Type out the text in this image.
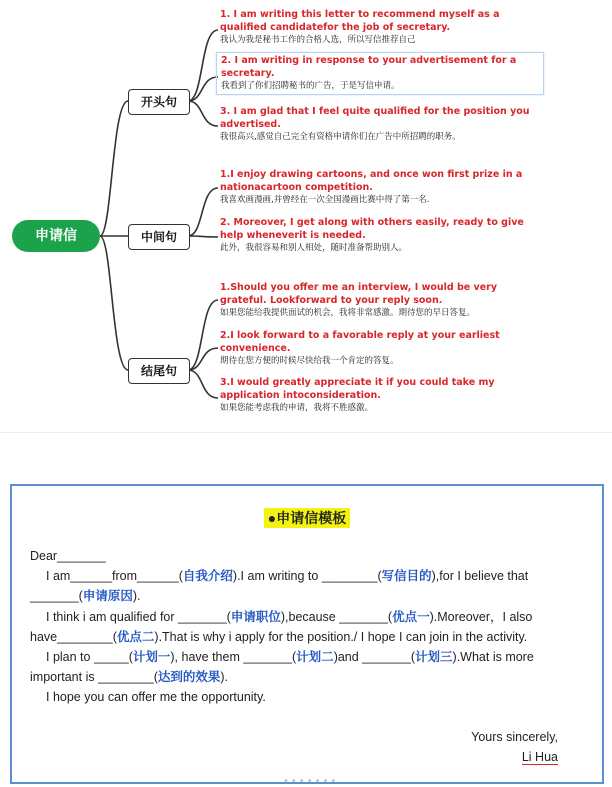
申请信
开头句
中间句
结尾句
1. I am writing this letter to recommend myself as a qualified candidatefor the job of secretary.
我认为我是秘书工作的合格人选，所以写信推荐自己
2. I am writing in response to your advertisement for a secretary.
我看到了你们招聘秘书的广告，于是写信申请。
3. I am glad that I feel quite qualified for the position you advertised.
我很高兴,感觉自己完全有资格申请你们在广告中所招聘的职务。
1.I enjoy drawing cartoons, and once won first prize in a nationacartoon competition.
我喜欢画漫画,并曾经在一次全国漫画比赛中得了第一名.
2. Moreover, I get along with others easily, ready to give help wheneverit is needed.
此外，我很容易和别人相处，随时准备帮助别人。
1.Should you offer me an interview, I would be very grateful. Lookforward to your reply soon.
如果您能给我提供面试的机会，我将非常感激。期待您的早日答复。
2.I look forward to a favorable reply at your earliest convenience.
期待在您方便的时候尽快给我一个肯定的答复。
3.I would greatly appreciate it if you could take my application intoconsideration.
如果您能考虑我的申请，我将不胜感激。
●申请信模板

Dear_______

I am______from______(自我介绍).I am writing to ________(写信目的),for I believe that _______(申请原因).

I think i am qualified for _______(申请职位),because _______(优点一).Moreover，I also have________(优点二).That is why i apply for the position./ I hope I can join in the activity.

I plan to _____(计划一), have them _______(计划二)and _______(计划三).What is more important is ________(达到的效果).

I hope you can offer me the opportunity.

Yours sincerely,
Li Hua
•••••••
